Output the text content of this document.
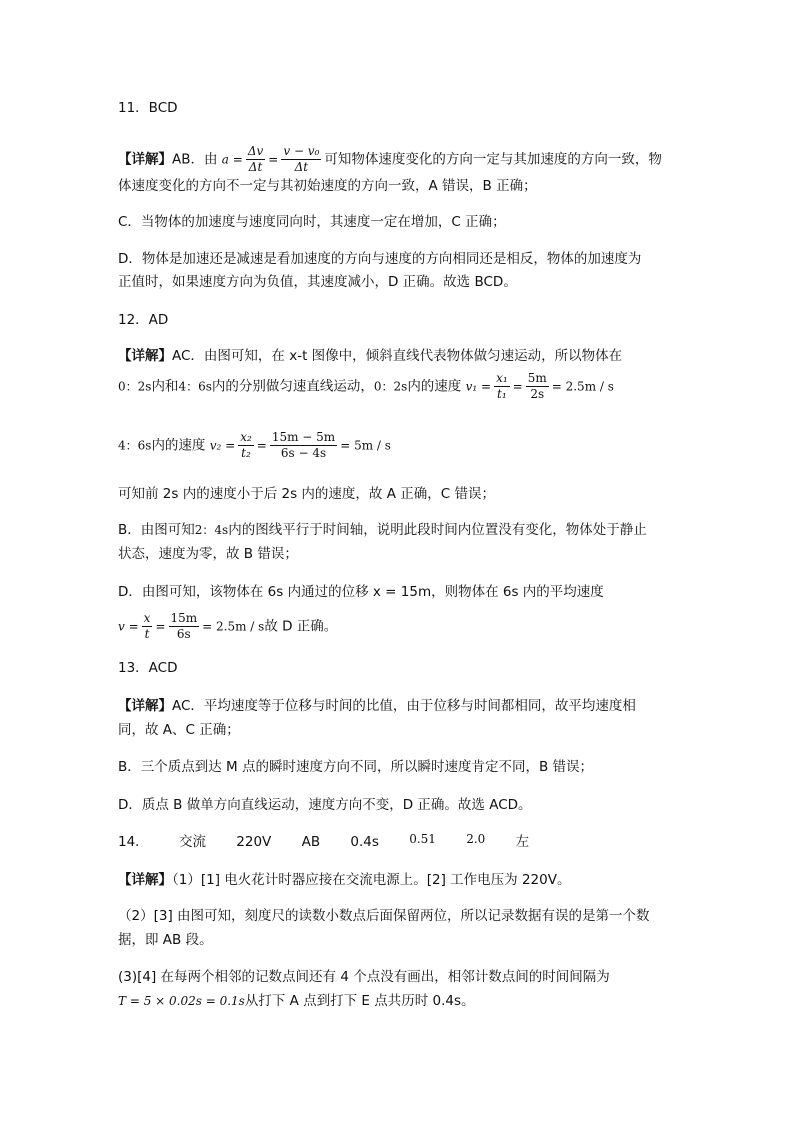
11．BCD
【详解】AB．由 $a = \frac{\Delta v}{\Delta t} = \frac{\text{v − v₀}}{\Delta t}$ 可知物体速度变化的方向一定与其加速度的方向一致，物
体速度变化的方向不一定与其初始速度的方向一致，A 错误，B 正确；
C．当物体的加速度与速度同向时，其速度一定在增加，C 正确；
D．物体是加速还是减速是看加速度的方向与速度的方向相同还是相反，物体的加速度为
正值时，如果速度方向为负值，其速度减小，D 正确。故选 BCD。
12．AD
【详解】AC．由图可知，在 x-t 图像中，倾斜直线代表物体做匀速运动，所以物体在
0：2s内和4：6s内的分别做匀速直线运动，0：2s内的速度 $v_1 = \frac{\text{x₁}}{\text{t₁}} = \frac{5m}{2s} = 2.5m / s$
4：6s内的速度 $v_2 = \frac{\text{x₂}}{\text{t₂}} = \frac{15m - 5m}{6s - 4s} = 5m / s$
可知前 2s 内的速度小于后 2s 内的速度，故 A 正确，C 错误；
B．由图可知2：4s内的图线平行于时间轴，说明此段时间内位置没有变化，物体处于静止
状态，速度为零，故 B 错误；
D．由图可知，该物体在 6s 内通过的位移 x = 15m，则物体在 6s 内的平均速度
$v = \frac{x}{t} = \frac{15m}{6s} = 2.5m / s$故 D 正确。
13．ACD
【详解】AC．平均速度等于位移与时间的比值，由于位移与时间都相同，故平均速度相
同，故 A、C 正确；
B．三个质点到达 M 点的瞬时速度方向不同，所以瞬时速度肯定不同，B 错误；
D．质点 B 做单方向直线运动，速度方向不变，D 正确。故选 ACD。
14． 交流 220V AB 0.4s	0.51	2.0 左
【详解】（1）[1] 电火花计时器应接在交流电源上。[2] 工作电压为 220V。
（2）[3] 由图可知，刻度尺的读数小数点后面保留两位，所以记录数据有误的是第一个数
据，即 AB 段。
(3)[4] 在每两个相邻的记数点间还有 4 个点没有画出，相邻计数点间的时间间隔为
T = 5 × 0.02s = 0.1s从打下 A 点到打下 E 点共历时 0.4s。
